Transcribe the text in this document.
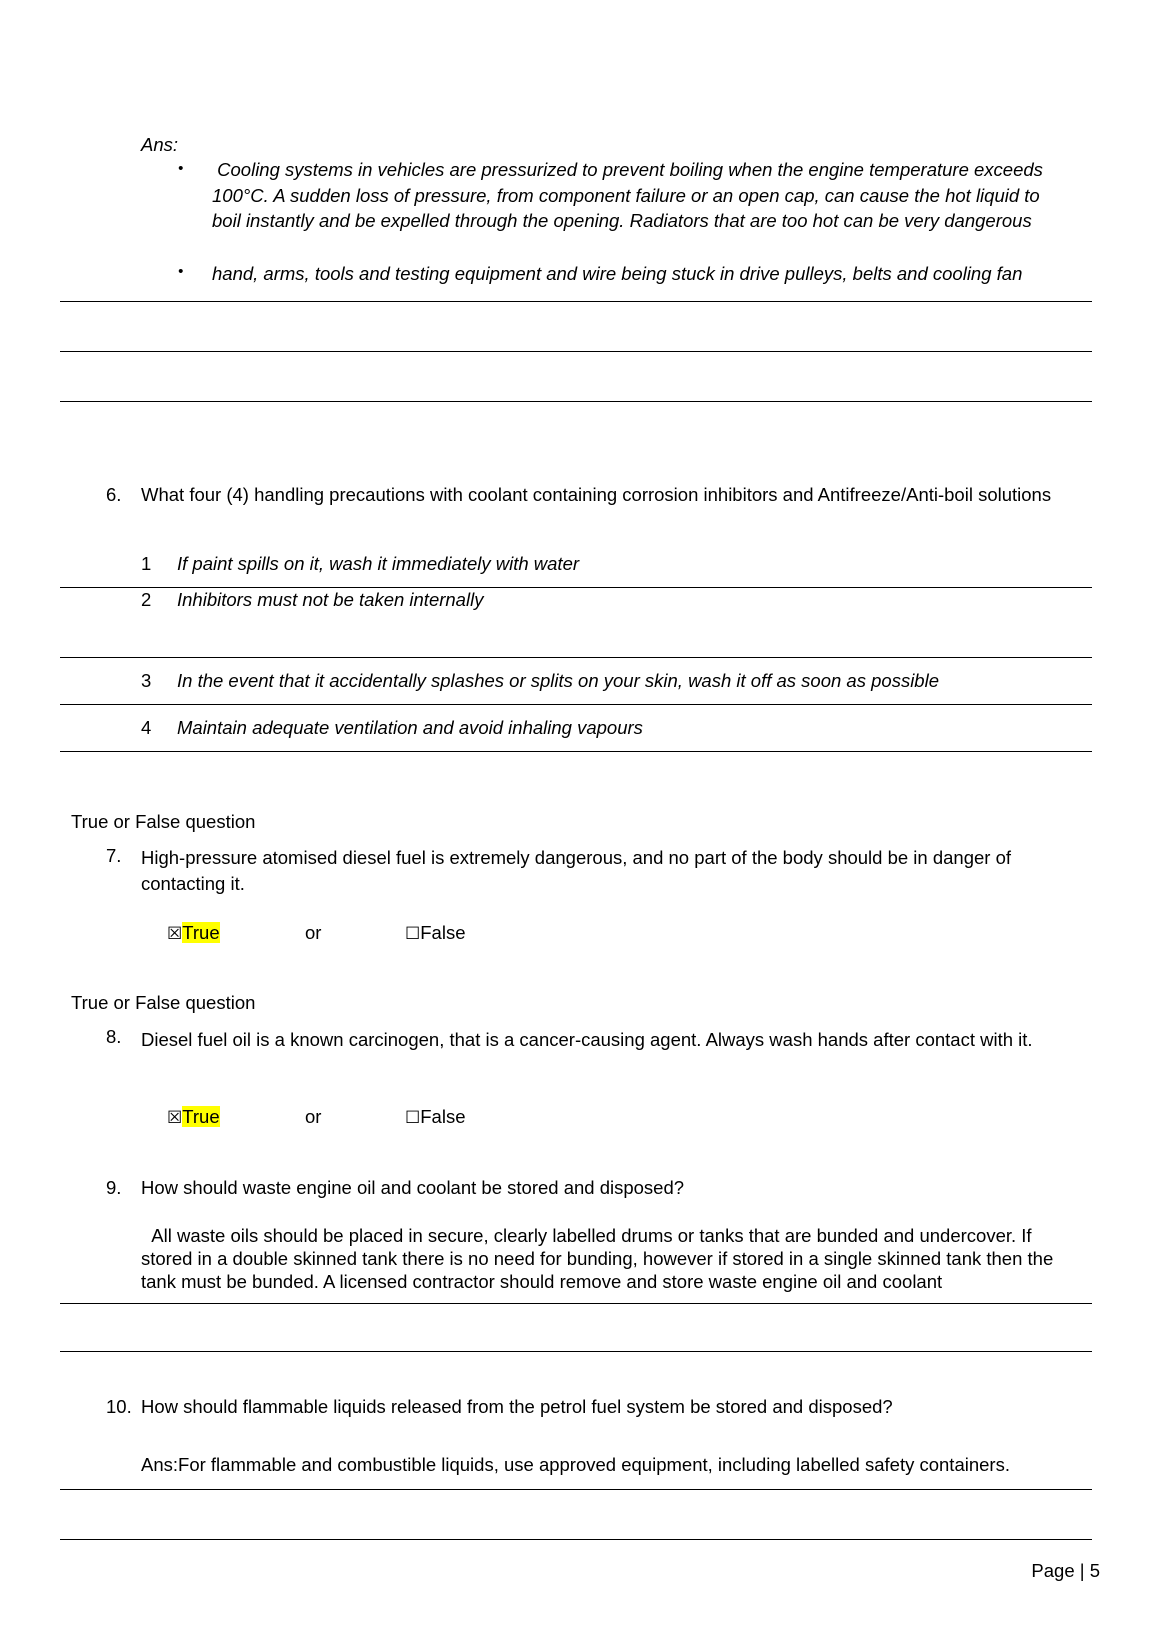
Ans:
• Cooling systems in vehicles are pressurized to prevent boiling when the engine temperature exceeds 100°C. A sudden loss of pressure, from component failure or an open cap, can cause the hot liquid to boil instantly and be expelled through the opening. Radiators that are too hot can be very dangerous
• hand, arms, tools and testing equipment and wire being stuck in drive pulleys, belts and cooling fan
6. What four (4) handling precautions with coolant containing corrosion inhibitors and Antifreeze/Anti-boil solutions
1 If paint spills on it, wash it immediately with water
2 Inhibitors must not be taken internally
3 In the event that it accidentally splashes or splits on your skin, wash it off as soon as possible
4 Maintain adequate ventilation and avoid inhaling vapours
True or False question
7. High-pressure atomised diesel fuel is extremely dangerous, and no part of the body should be in danger of contacting it.
☒True	or	☐False
True or False question
8. Diesel fuel oil is a known carcinogen, that is a cancer-causing agent. Always wash hands after contact with it.
☒True	or	☐False
9. How should waste engine oil and coolant be stored and disposed?
All waste oils should be placed in secure, clearly labelled drums or tanks that are bunded and undercover. If stored in a double skinned tank there is no need for bunding, however if stored in a single skinned tank then the tank must be bunded. A licensed contractor should remove and store waste engine oil and coolant
10. How should flammable liquids released from the petrol fuel system be stored and disposed?
Ans:For flammable and combustible liquids, use approved equipment, including labelled safety containers.
Page | 5
